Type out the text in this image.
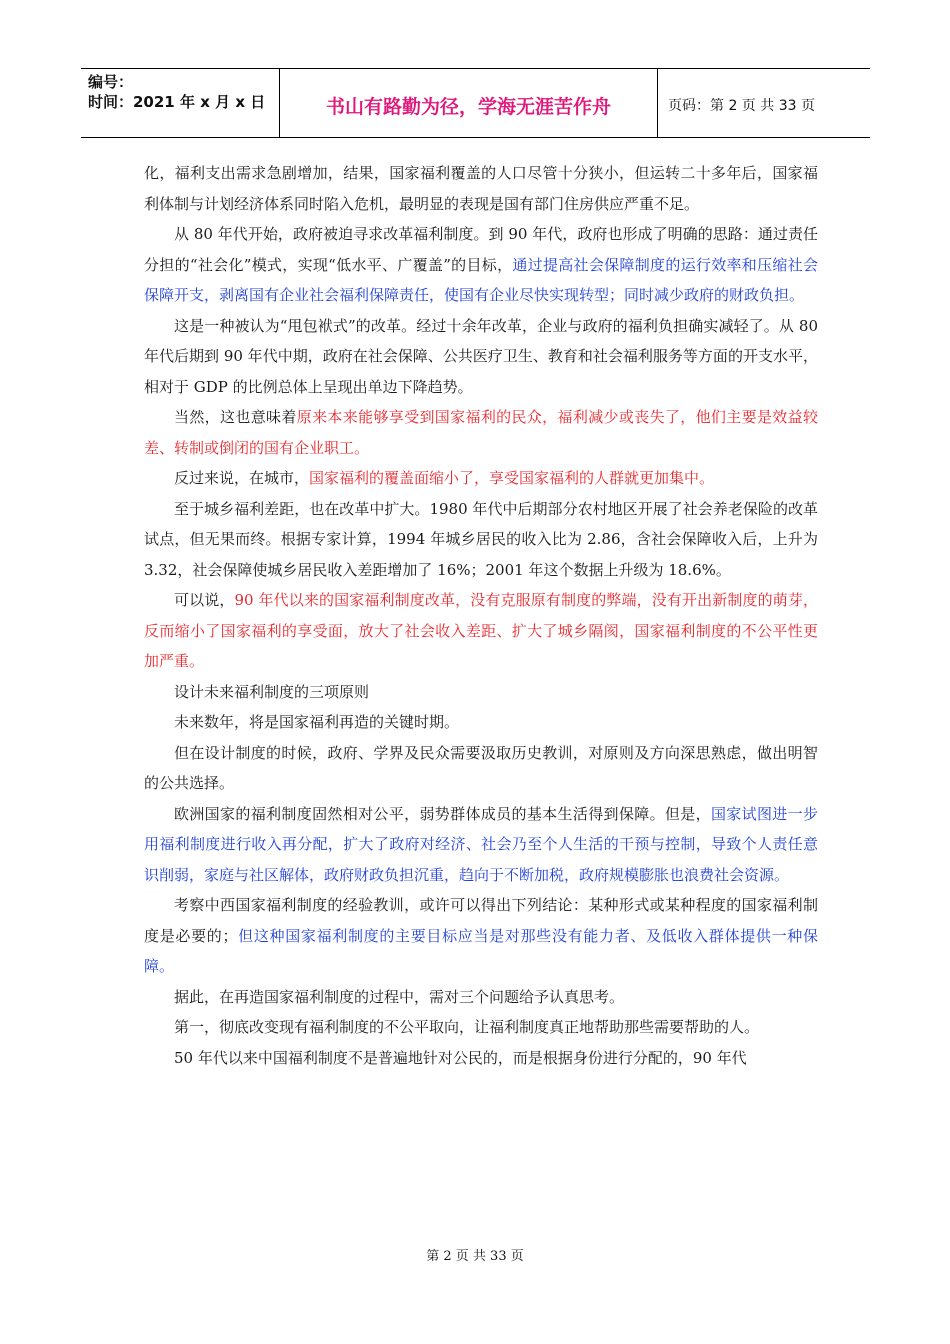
编号：
时间：2021 年 x 月 x 日	书山有路勤为径，学海无涯苦作舟	页码：第 2 页 共 33 页

化，福利支出需求急剧增加，结果，国家福利覆盖的人口尽管十分狭小，但运转二十多年后，国家福利体制与计划经济体系同时陷入危机，最明显的表现是国有部门住房供应严重不足。

从 80 年代开始，政府被迫寻求改革福利制度。到 90 年代，政府也形成了明确的思路：通过责任分担的“社会化”模式，实现“低水平、广覆盖”的目标，通过提高社会保障制度的运行效率和压缩社会保障开支，剥离国有企业社会福利保障责任，使国有企业尽快实现转型；同时减少政府的财政负担。

这是一种被认为“甩包袱式”的改革。经过十余年改革，企业与政府的福利负担确实减轻了。从 80 年代后期到 90 年代中期，政府在社会保障、公共医疗卫生、教育和社会福利服务等方面的开支水平，相对于 GDP 的比例总体上呈现出单边下降趋势。

当然，这也意味着原来本来能够享受到国家福利的民众，福利减少或丧失了，他们主要是效益较差、转制或倒闭的国有企业职工。

反过来说，在城市，国家福利的覆盖面缩小了，享受国家福利的人群就更加集中。

至于城乡福利差距，也在改革中扩大。1980 年代中后期部分农村地区开展了社会养老保险的改革试点，但无果而终。根据专家计算，1994 年城乡居民的收入比为 2.86，含社会保障收入后，上升为 3.32，社会保障使城乡居民收入差距增加了 16%；2001 年这个数据上升级为 18.6%。

可以说，90 年代以来的国家福利制度改革，没有克服原有制度的弊端，没有开出新制度的萌芽，反而缩小了国家福利的享受面，放大了社会收入差距、扩大了城乡隔阂，国家福利制度的不公平性更加严重。

设计未来福利制度的三项原则

未来数年，将是国家福利再造的关键时期。

但在设计制度的时候，政府、学界及民众需要汲取历史教训，对原则及方向深思熟虑，做出明智的公共选择。

欧洲国家的福利制度固然相对公平，弱势群体成员的基本生活得到保障。但是，国家试图进一步用福利制度进行收入再分配，扩大了政府对经济、社会乃至个人生活的干预与控制，导致个人责任意识削弱，家庭与社区解体，政府财政负担沉重，趋向于不断加税，政府规模膨胀也浪费社会资源。

考察中西国家福利制度的经验教训，或许可以得出下列结论：某种形式或某种程度的国家福利制度是必要的；但这种国家福利制度的主要目标应当是对那些没有能力者、及低收入群体提供一种保障。

据此，在再造国家福利制度的过程中，需对三个问题给予认真思考。

第一，彻底改变现有福利制度的不公平取向，让福利制度真正地帮助那些需要帮助的人。

50 年代以来中国福利制度不是普遍地针对公民的，而是根据身份进行分配的，90 年代

第 2 页 共 33 页
